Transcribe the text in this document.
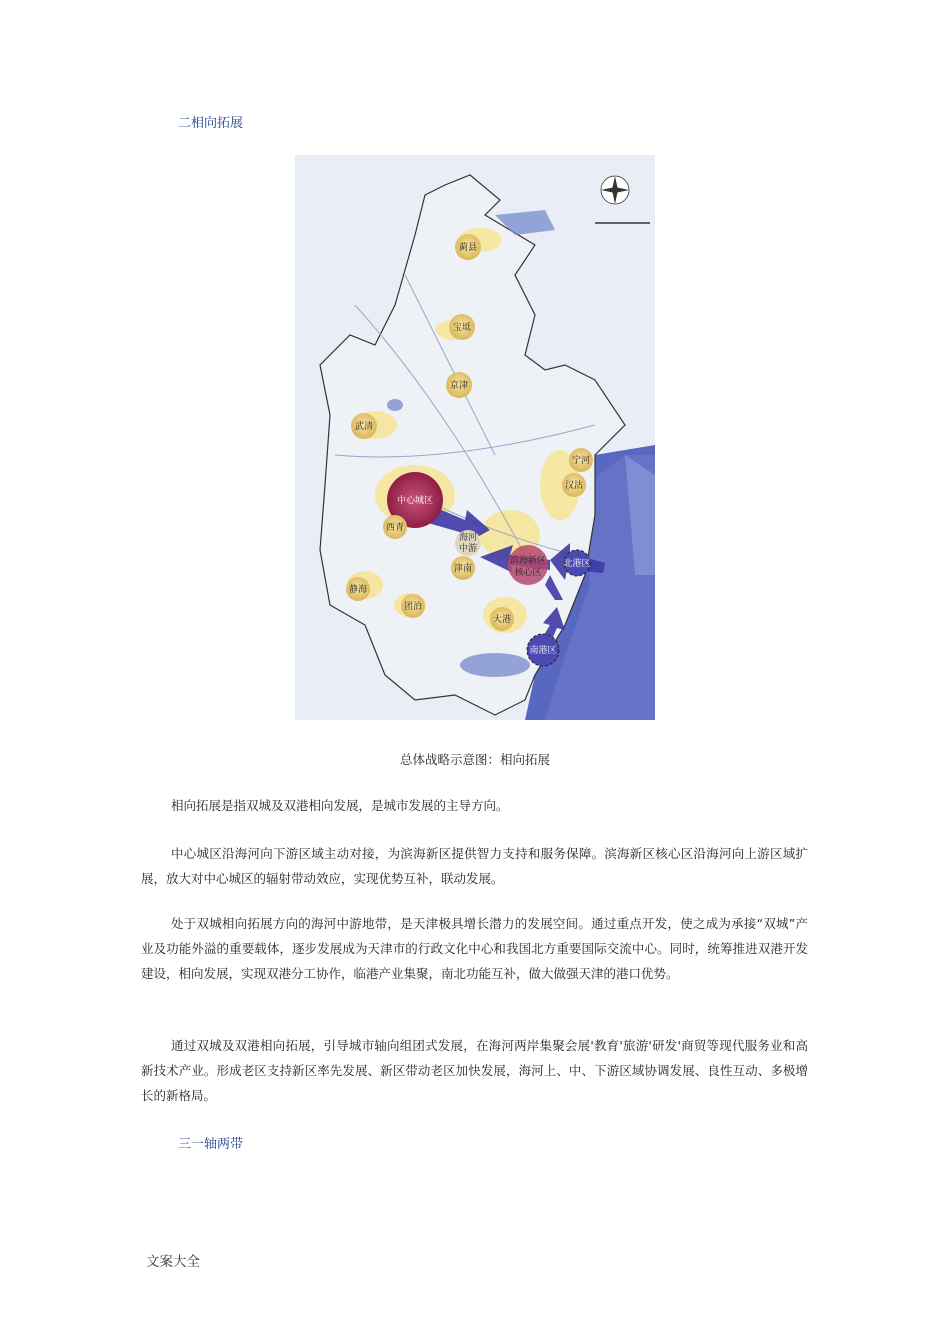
二相向拓展
蓟县
宝坻
京津
武清
宁河
汉沽
中心城区
西青
海河
中游
津南
滨海新区
核心区
北港区
静海
团泊
大港
南港区
总体战略示意图：相向拓展

相向拓展是指双城及双港相向发展，是城市发展的主导方向。

中心城区沿海河向下游区域主动对接，为滨海新区提供智力支持和服务保障。滨海新区核心区沿海河向上游区域扩展，放大对中心城区的辐射带动效应，实现优势互补，联动发展。

处于双城相向拓展方向的海河中游地带，是天津极具增长潜力的发展空间。通过重点开发，使之成为承接“双城”产业及功能外溢的重要载体，逐步发展成为天津市的行政文化中心和我国北方重要国际交流中心。同时，统筹推进双港开发建设，相向发展，实现双港分工协作，临港产业集聚，南北功能互补，做大做强天津的港口优势。

通过双城及双港相向拓展，引导城市轴向组团式发展，在海河两岸集聚会展'教育'旅游'研发'商贸等现代服务业和高新技术产业。形成老区支持新区率先发展、新区带动老区加快发展，海河上、中、下游区域协调发展、良性互动、多极增长的新格局。

三一轴两带
文案大全
